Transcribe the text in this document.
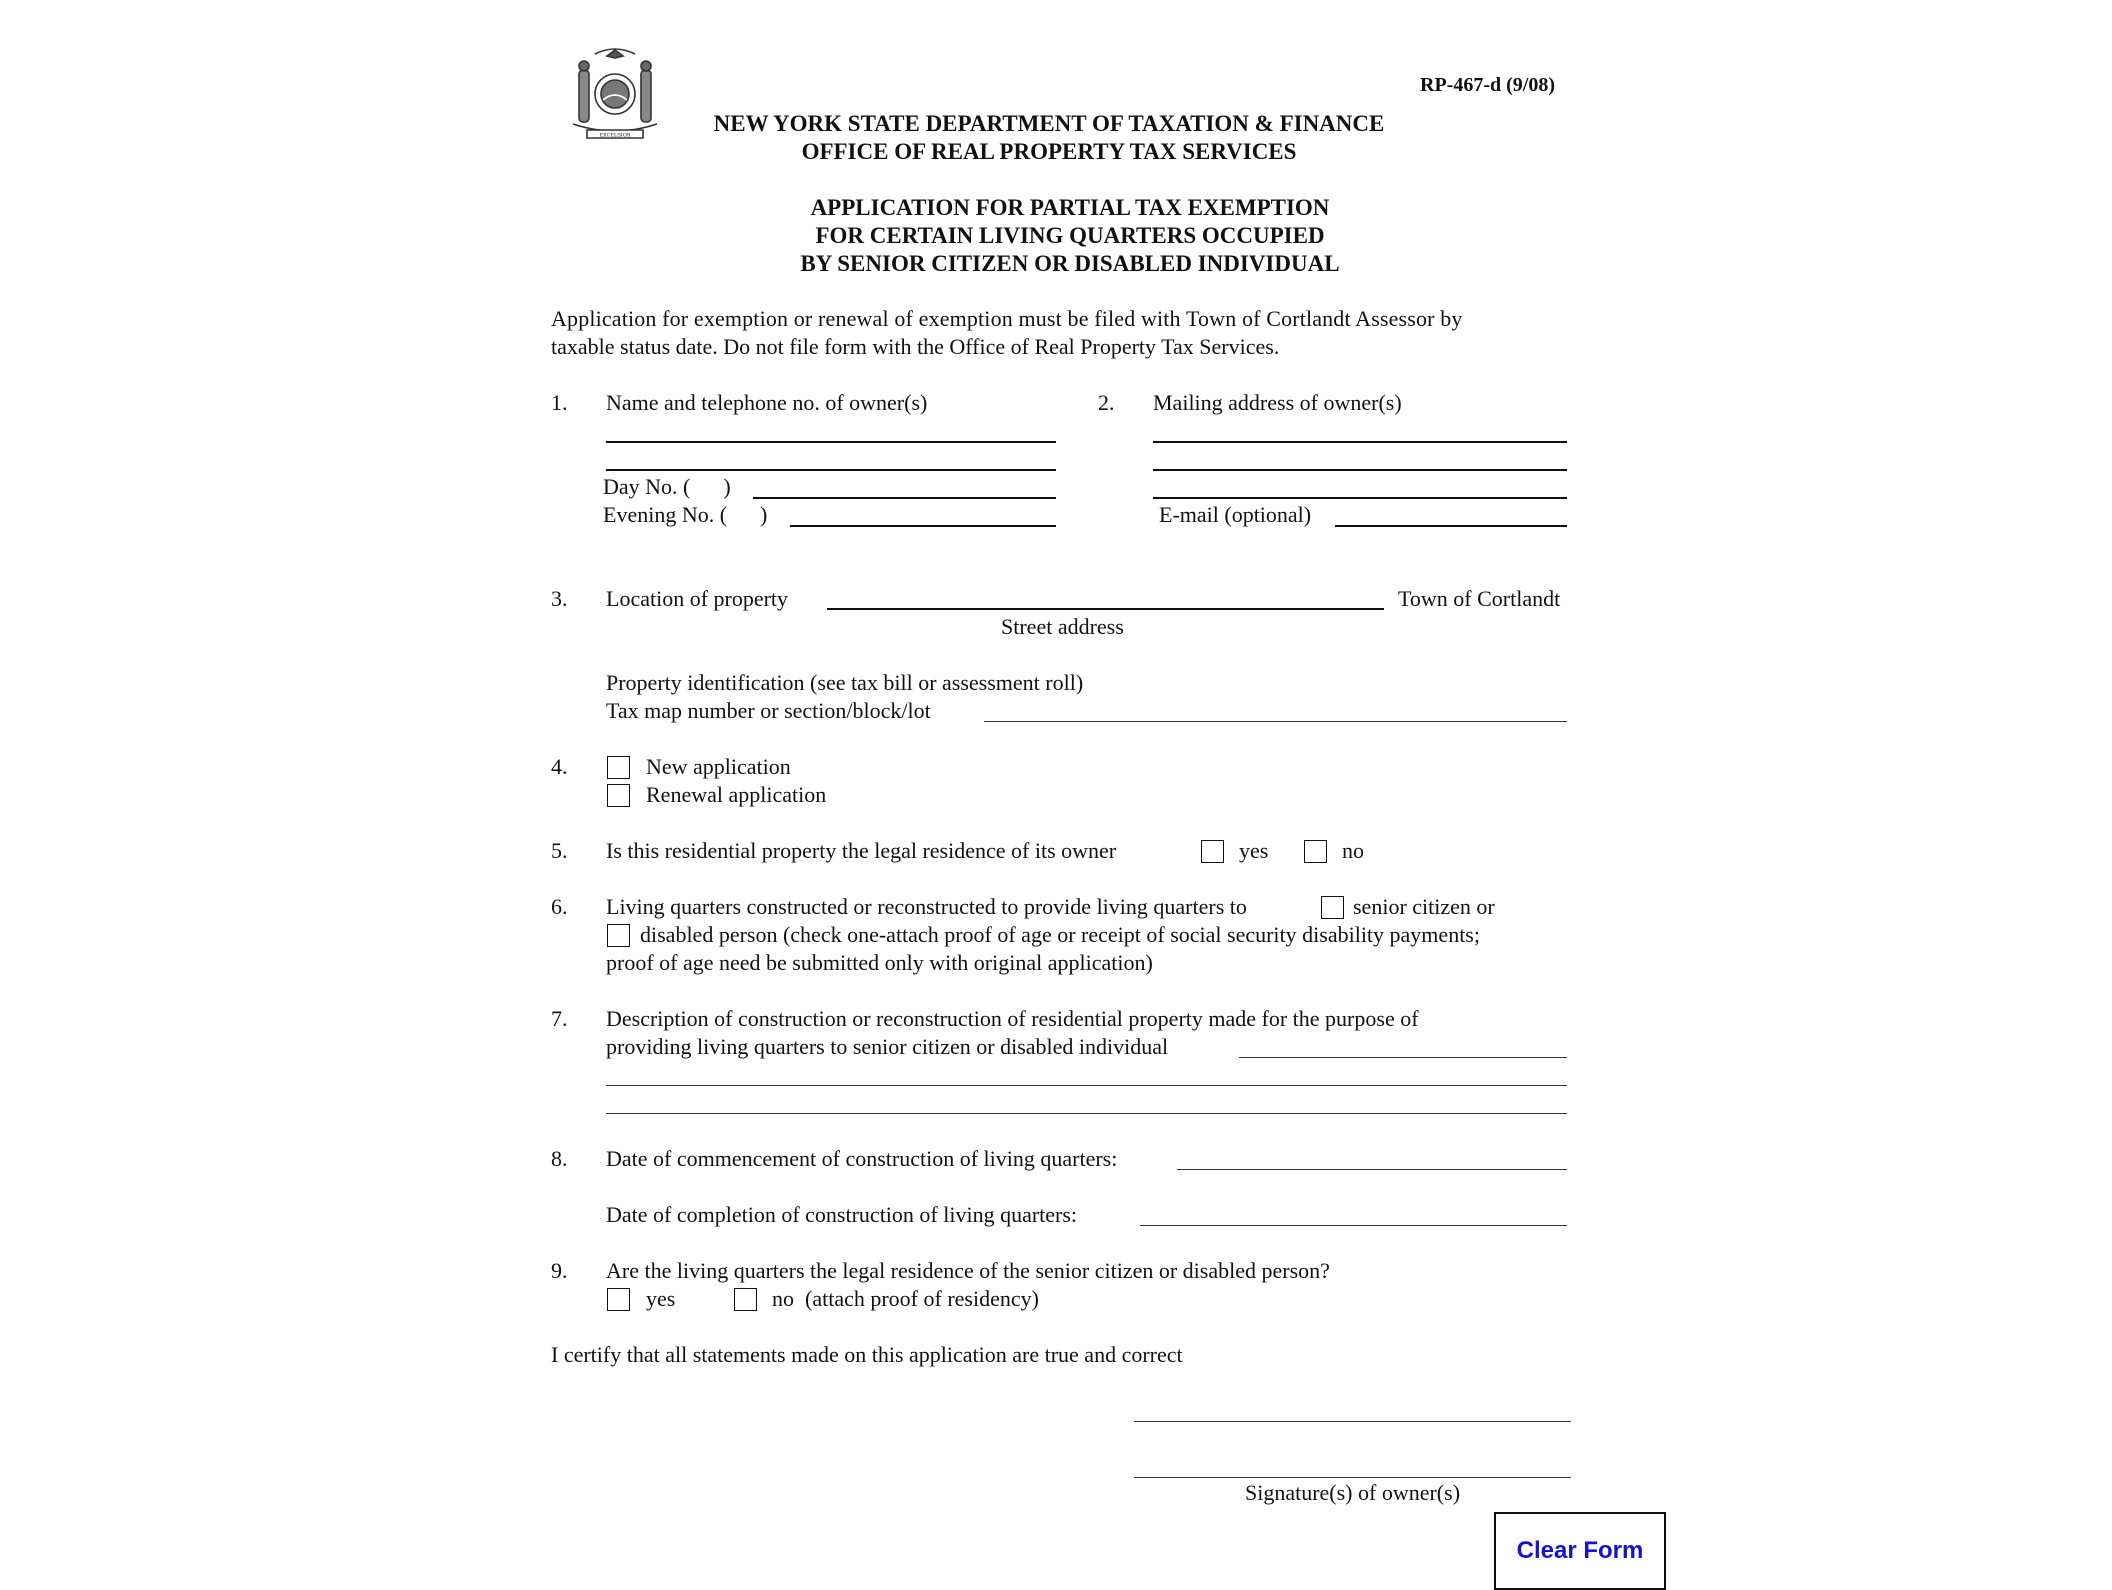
EXCELSIOR
RP-467-d (9/08)
NEW YORK STATE DEPARTMENT OF TAXATION & FINANCE
OFFICE OF REAL PROPERTY TAX SERVICES
APPLICATION FOR PARTIAL TAX EXEMPTION
FOR CERTAIN LIVING QUARTERS OCCUPIED
BY SENIOR CITIZEN OR DISABLED INDIVIDUAL
Application for exemption or renewal of exemption must be filed with Town of Cortlandt Assessor by
taxable status date. Do not file form with the Office of Real Property Tax Services.
1. Name and telephone no. of owner(s)
Day No. (      )
Evening No. (      )
2. Mailing address of owner(s)
E-mail (optional)
3. Location of property	Town of Cortlandt
Street address
Property identification (see tax bill or assessment roll)
Tax map number or section/block/lot
4.	New application
Renewal application
5. Is this residential property the legal residence of its owner	yes	no
6. Living quarters constructed or reconstructed to provide living quarters to	senior citizen or
disabled person (check one-attach proof of age or receipt of social security disability payments;
proof of age need be submitted only with original application)
7. Description of construction or reconstruction of residential property made for the purpose of
providing living quarters to senior citizen or disabled individual
8. Date of commencement of construction of living quarters:
Date of completion of construction of living quarters:
9. Are the living quarters the legal residence of the senior citizen or disabled person?
yes	no  (attach proof of residency)
I certify that all statements made on this application are true and correct
Signature(s) of owner(s)
Clear Form
